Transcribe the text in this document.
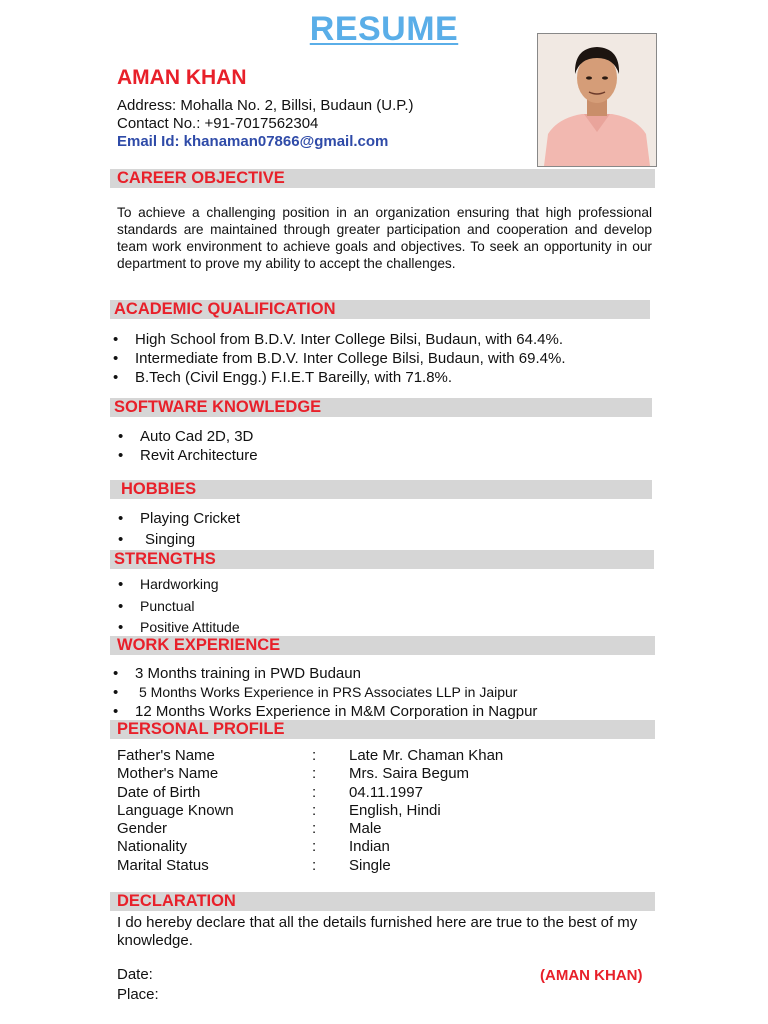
RESUME
AMAN KHAN
Address: Mohalla No. 2, Billsi, Budaun (U.P.)
Contact No.: +91-7017562304
Email Id: khanaman07866@gmail.com
CAREER OBJECTIVE
To achieve a challenging position in an organization ensuring that high professional standards are maintained through greater participation and cooperation and develop team work environment to achieve goals and objectives. To seek an opportunity in our department to prove my ability to accept the challenges.
ACADEMIC QUALIFICATION
• High School from B.D.V. Inter College Bilsi, Budaun, with 64.4%.
• Intermediate from B.D.V. Inter College Bilsi, Budaun, with 69.4%.
• B.Tech (Civil Engg.) F.I.E.T Bareilly, with 71.8%.
SOFTWARE KNOWLEDGE
• Auto Cad 2D, 3D
• Revit Architecture
HOBBIES
• Playing Cricket
• Singing
STRENGTHS
• Hardworking
• Punctual
• Positive Attitude
WORK EXPERIENCE
• 3 Months training in PWD Budaun
• 5 Months Works Experience in PRS Associates LLP in Jaipur
• 12 Months Works Experience in M&M Corporation in Nagpur
PERSONAL PROFILE
Father's Name
Mother's Name
Date of Birth
Language Known
Gender
Nationality
Marital Status
:
:
:
:
:
:
:
Late Mr. Chaman Khan
Mrs. Saira Begum
04.11.1997
English, Hindi
Male
Indian
Single
DECLARATION
I do hereby declare that all the details furnished here are true to the best of my knowledge.
Date:
Place:
(AMAN KHAN)
